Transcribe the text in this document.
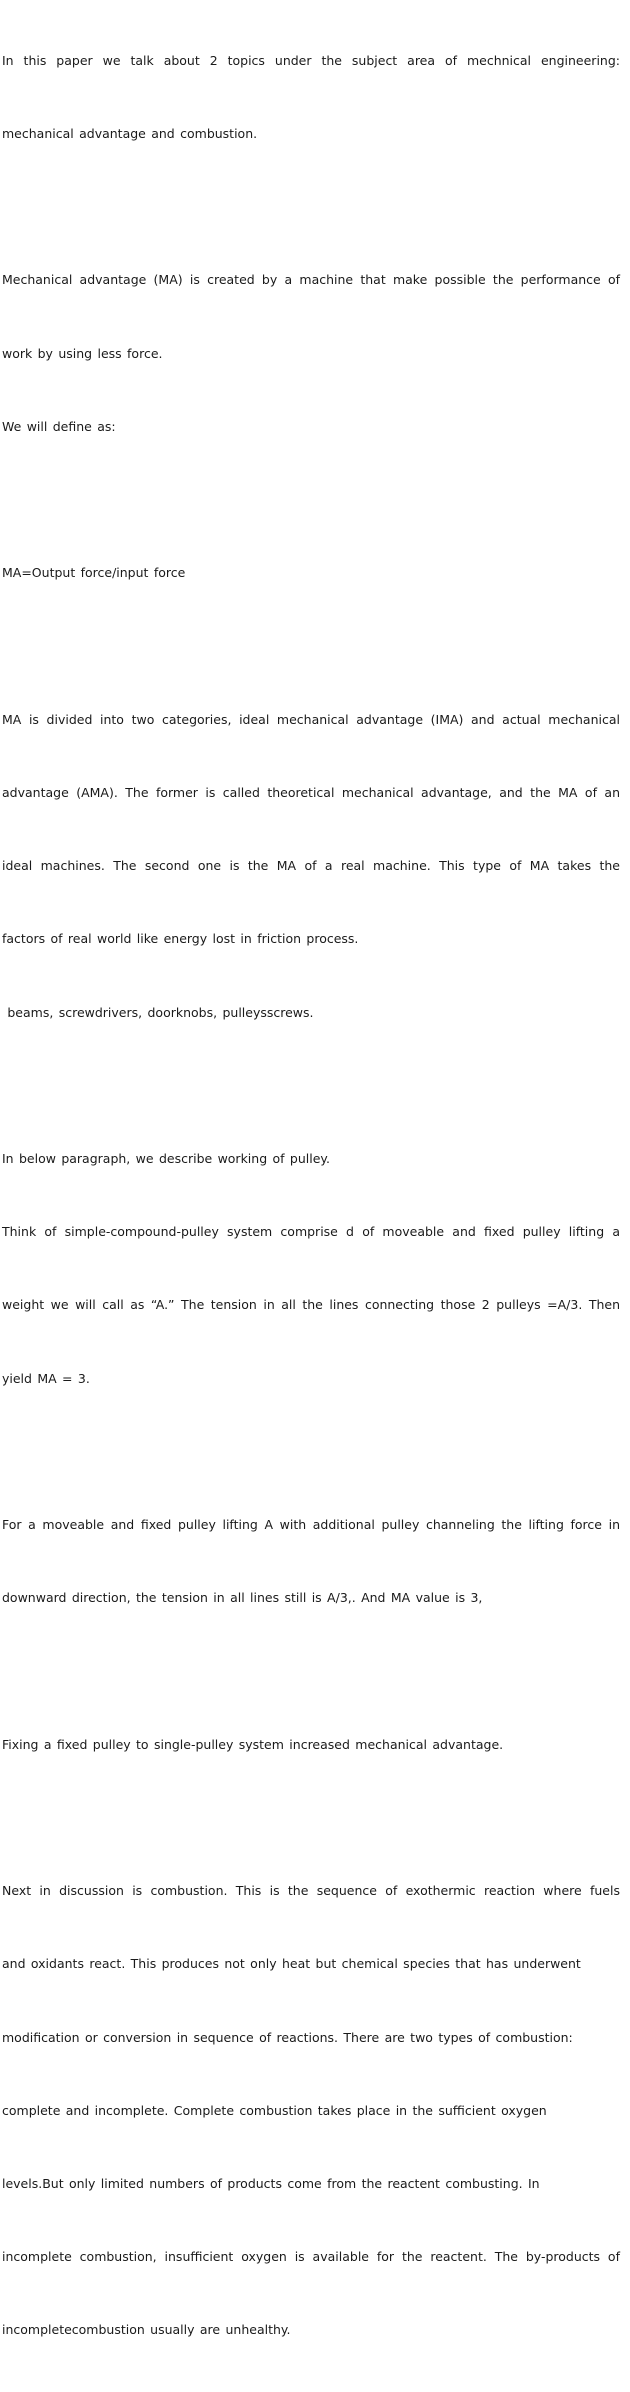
In this paper we talk about 2 topics under the subject area of mechnical engineering:

mechanical advantage and combustion.

Mechanical advantage (MA) is created by a machine that make possible the performance of

work by using less force.

We will define as:

MA=Output force/input force

MA is divided into two categories, ideal mechanical advantage (IMA) and actual mechanical

advantage (AMA). The former is called theoretical mechanical advantage, and the MA of an

ideal machines. The second one is the MA of a real machine. This type of MA takes the

factors of real world like energy lost in friction process.

beams, screwdrivers, doorknobs, pulleysscrews.

In below paragraph, we describe working of pulley.

Think of simple-compound-pulley system comprise d of moveable and fixed pulley lifting a

weight we will call as “A.” The tension in all the lines connecting those 2 pulleys =A/3. Then

yield MA = 3.

For a moveable and fixed pulley lifting A with additional pulley channeling the lifting force in

downward direction, the tension in all lines still is A/3,. And MA value is 3,

Fixing a fixed pulley to single-pulley system increased mechanical advantage.

Next in discussion is combustion. This is the sequence of exothermic reaction where fuels

and oxidants react. This produces not only heat but chemical species that has underwent

modification or conversion in sequence of reactions. There are two types of combustion:

complete and incomplete. Complete combustion takes place in the sufficient oxygen

levels.But only limited numbers of products come from the reactent combusting. In

incomplete combustion, insufficient oxygen is available for the reactent. The by-products of

incompletecombustion usually are unhealthy.
